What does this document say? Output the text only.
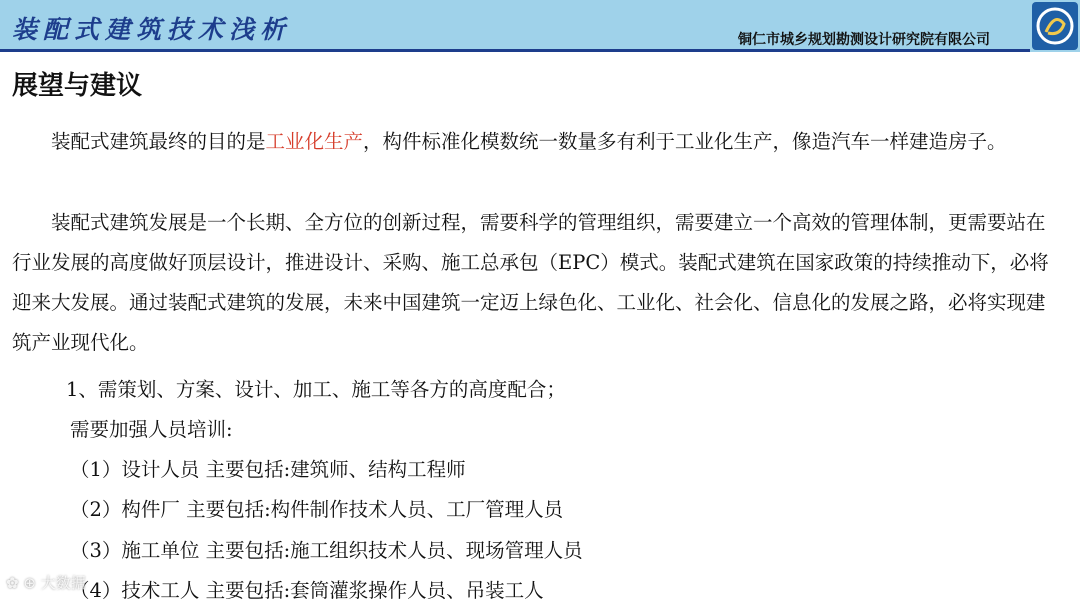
装配式建筑技术浅析	铜仁市城乡规划勘测设计研究院有限公司
展望与建议

装配式建筑最终的目的是工业化生产，构件标准化模数统一数量多有利于工业化生产，像造汽车一样建造房子。

装配式建筑发展是一个长期、全方位的创新过程，需要科学的管理组织，需要建立一个高效的管理体制，更需要站在行业发展的高度做好顶层设计，推进设计、采购、施工总承包（EPC）模式。装配式建筑在国家政策的持续推动下，必将迎来大发展。通过装配式建筑的发展，未来中国建筑一定迈上绿色化、工业化、社会化、信息化的发展之路，必将实现建筑产业现代化。

1、需策划、方案、设计、加工、施工等各方的高度配合；
需要加强人员培训:
（1）设计人员 主要包括:建筑师、结构工程师
（2）构件厂 主要包括:构件制作技术人员、工厂管理人员
（3）施工单位 主要包括:施工组织技术人员、现场管理人员
（4）技术工人 主要包括:套筒灌浆操作人员、吊装工人
✿ ⊕ 大数据
